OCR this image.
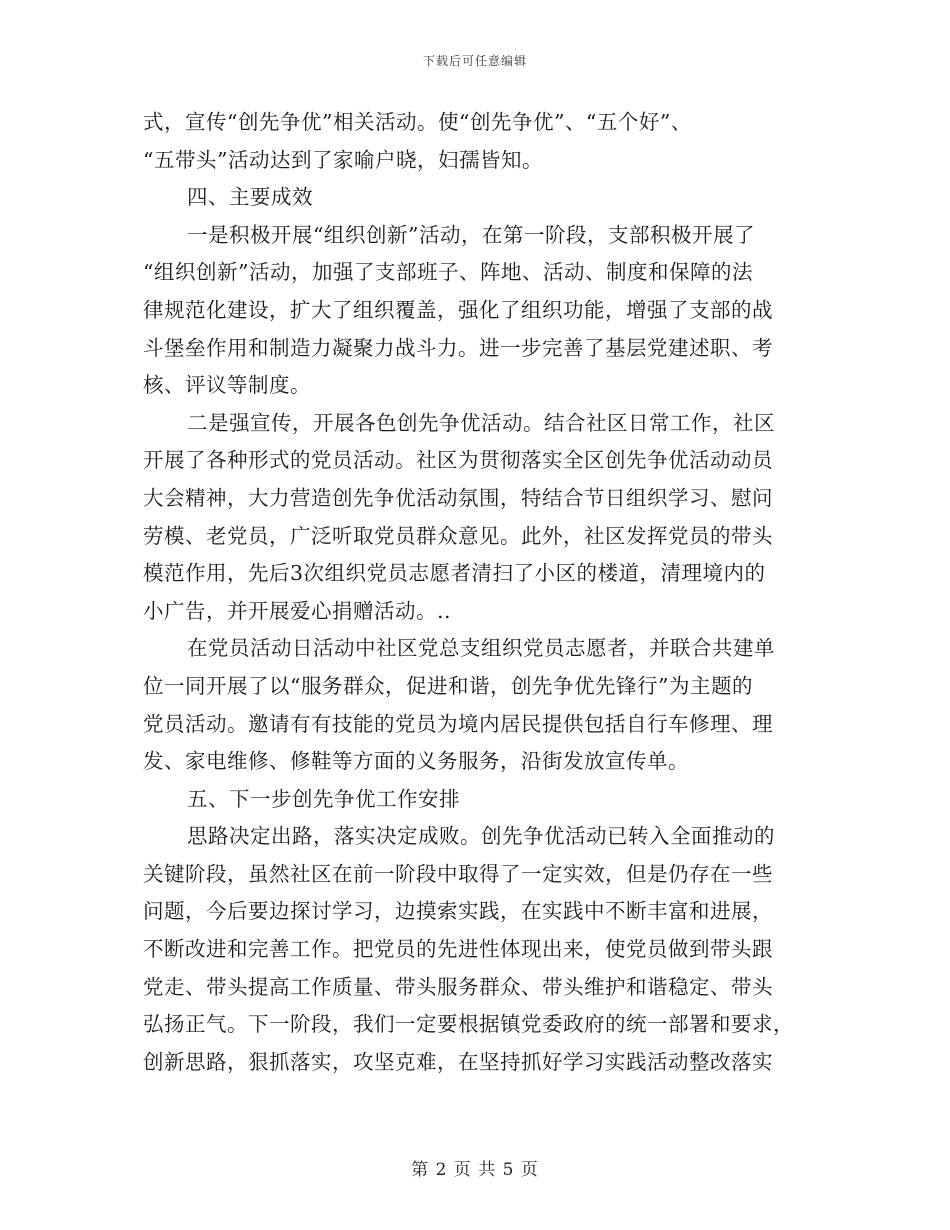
下载后可任意编辑
式，宣传“创先争优”相关活动。使“创先争优”、“五个好”、
“五带头”活动达到了家喻户晓，妇孺皆知。
四、主要成效
一是积极开展“组织创新”活动，在第一阶段，支部积极开展了
“组织创新”活动，加强了支部班子、阵地、活动、制度和保障的法
律规范化建设，扩大了组织覆盖，强化了组织功能，增强了支部的战
斗堡垒作用和制造力凝聚力战斗力。进一步完善了基层党建述职、考
核、评议等制度。
二是强宣传，开展各色创先争优活动。结合社区日常工作，社区
开展了各种形式的党员活动。社区为贯彻落实全区创先争优活动动员
大会精神，大力营造创先争优活动氛围，特结合节日组织学习、慰问
劳模、老党员，广泛听取党员群众意见。此外，社区发挥党员的带头
模范作用，先后3次组织党员志愿者清扫了小区的楼道，清理境内的
小广告，并开展爱心捐赠活动。..
在党员活动日活动中社区党总支组织党员志愿者，并联合共建单
位一同开展了以“服务群众，促进和谐，创先争优先锋行”为主题的
党员活动。邀请有有技能的党员为境内居民提供包括自行车修理、理
发、家电维修、修鞋等方面的义务服务，沿街发放宣传单。
五、下一步创先争优工作安排
思路决定出路，落实决定成败。创先争优活动已转入全面推动的
关键阶段，虽然社区在前一阶段中取得了一定实效，但是仍存在一些
问题，今后要边探讨学习，边摸索实践，在实践中不断丰富和进展，
不断改进和完善工作。把党员的先进性体现出来，使党员做到带头跟
党走、带头提高工作质量、带头服务群众、带头维护和谐稳定、带头
弘扬正气。下一阶段，我们一定要根据镇党委政府的统一部署和要求，
创新思路，狠抓落实，攻坚克难，在坚持抓好学习实践活动整改落实
第 2 页 共 5 页
